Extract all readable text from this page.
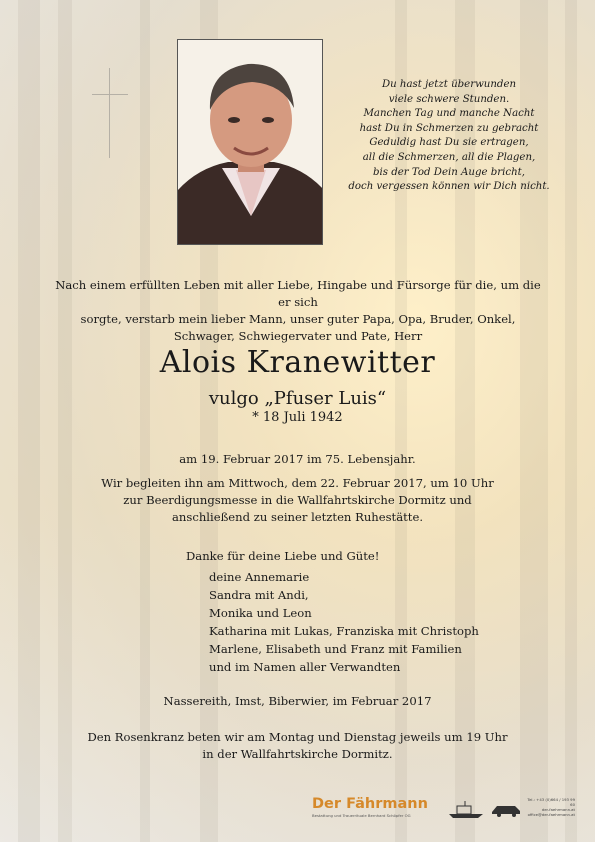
Du hast jetzt überwunden
viele schwere Stunden.
Manchen Tag und manche Nacht
hast Du in Schmerzen zu gebracht
Geduldig hast Du sie ertragen,
all die Schmerzen, all die Plagen,
bis der Tod Dein Auge bricht,
doch vergessen können wir Dich nicht.
Nach einem erfüllten Leben mit aller Liebe, Hingabe und Fürsorge für die, um die er sich
sorgte, verstarb mein lieber Mann, unser guter Papa, Opa, Bruder, Onkel,
Schwager, Schwiegervater und Pate, Herr
Alois Kranewitter
vulgo „Pfuser Luis“
* 18 Juli 1942
am 19. Februar 2017 im 75. Lebensjahr.
Wir begleiten ihn am Mittwoch, dem 22. Februar 2017, um 10 Uhr
zur Beerdigungsmesse in die Wallfahrtskirche Dormitz und
anschließend zu seiner letzten Ruhestätte.
Danke für deine Liebe und Güte!
deine Annemarie
Sandra mit Andi,
Monika und Leon
Katharina mit Lukas, Franziska mit Christoph
Marlene, Elisabeth und Franz mit Familien
und im Namen aller Verwandten
Nassereith, Imst, Biberwier, im Februar 2017
Den Rosenkranz beten wir am Montag und Dienstag jeweils um 19 Uhr
in der Wallfahrtskirche Dormitz.
Der Fährmann
Bestattung und Trauerrituale Bernhard Schöpfer OG
Tel.: +43 (0)664 / 193 99 60
der-faehrmann.at office@der-faehrmann.at
